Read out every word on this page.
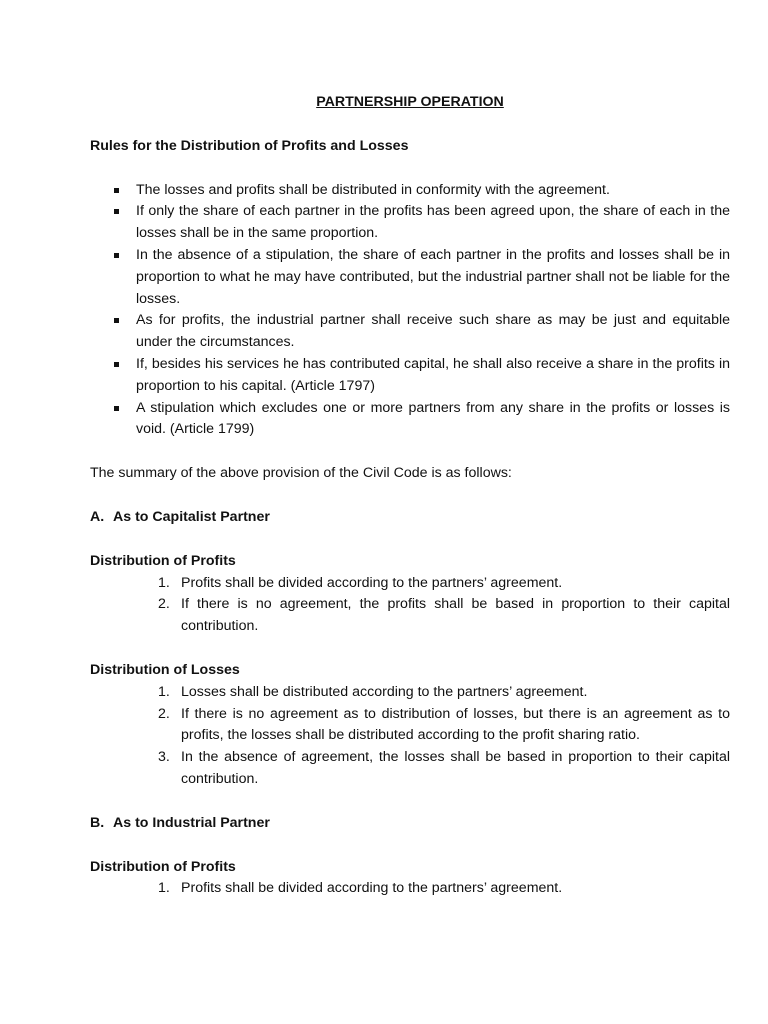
PARTNERSHIP OPERATION
Rules for the Distribution of Profits and Losses
The losses and profits shall be distributed in conformity with the agreement.
If only the share of each partner in the profits has been agreed upon, the share of each in the losses shall be in the same proportion.
In the absence of a stipulation, the share of each partner in the profits and losses shall be in proportion to what he may have contributed, but the industrial partner shall not be liable for the losses.
As for profits, the industrial partner shall receive such share as may be just and equitable under the circumstances.
If, besides his services he has contributed capital, he shall also receive a share in the profits in proportion to his capital. (Article 1797)
A stipulation which excludes one or more partners from any share in the profits or losses is void. (Article 1799)

The summary of the above provision of the Civil Code is as follows:

A. As to Capitalist Partner
Distribution of Profits
1. Profits shall be divided according to the partners’ agreement.
2. If there is no agreement, the profits shall be based in proportion to their capital contribution.
Distribution of Losses
1. Losses shall be distributed according to the partners’ agreement.
2. If there is no agreement as to distribution of losses, but there is an agreement as to profits, the losses shall be distributed according to the profit sharing ratio.
3. In the absence of agreement, the losses shall be based in proportion to their capital contribution.
B. As to Industrial Partner
Distribution of Profits
1. Profits shall be divided according to the partners’ agreement.
